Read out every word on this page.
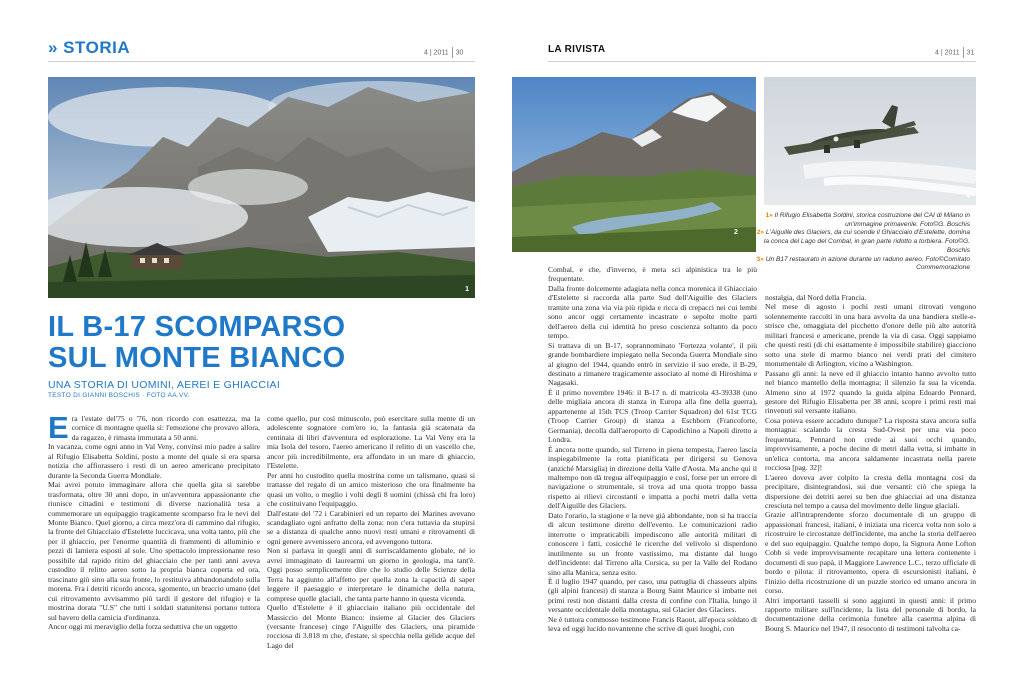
» STORIA	4 | 2011 30
1
IL B-17 SCOMPARSO
SUL MONTE BIANCO
UNA STORIA DI UOMINI, AEREI E GHIACCIAI
TESTO DI GIANNI BOSCHIS · FOTO AA.VV.

Era l'estate del'75 o '76, non ricordo con esattezza, ma la cornice di montagne quella sì: l'emozione che provavo allora, da ragazzo, è rimasta immutata a 50 anni.

In vacanza, come ogni anno in Val Veny, convinsi mio padre a salire al Rifugio Elisabetta Soldini, posto a monte del quale si era sparsa notizia che affiorassero i resti di un aereo americano precipitato durante la Seconda Guerra Mondiale.

Mai avrei potuto immaginare allora che quella gita si sarebbe trasformata, oltre 30 anni dopo, in un'avventura appassionante che riunisce cittadini e testimoni di diverse nazionalità tesa a commemorare un equipaggio tragicamente scomparso fra le nevi del Monte Bianco. Quel giorno, a circa mezz'ora di cammino dal rifugio, la fronte del Ghiacciaio d'Estelette luccicava, una volta tanto, più che per il ghiaccio, per l'enorme quantità di frammenti di alluminio e pezzi di lamiera esposti al sole. Uno spettacolo impressionante reso possibile dal rapido ritiro del ghiacciaio che per tanti anni aveva custodito il relitto aereo sotto la propria bianca coperta ed ora, trascinato giù sino alla sua fronte, lo restituiva abbandonandolo sulla morena. Fra i detriti ricordo ancora, sgomento, un braccio umano (del cui ritrovamento avvisammo più tardi il gestore del rifugio) e la mostrina dorata "U.S" che tutti i soldati statunitensi portano tuttora sul bavero della camicia d'ordinanza.

Ancor oggi mi meraviglio della forza seduttiva che un oggetto

come quello, pur così minuscolo, può esercitare sulla mente di un adolescente sognatore com'ero io, la fantasia già scatenata da centinaia di libri d'avventura ed esplorazione. La Val Veny era la mia Isola del tesoro, l'aereo americano il relitto di un vascello che, ancor più incredibilmente, era affondato in un mare di ghiaccio, l'Estelette.

Per anni ho custodito quella mostrina come un talismano, quasi si trattasse del regalo di un amico misterioso che ora finalmente ha quasi un volto, o meglio i volti degli 8 uomini (chissà chi fra loro) che costituivano l'equipaggio.

Dall'estate del '72 i Carabinieri ed un reparto dei Marines avevano scandagliato ogni anfratto della zona: non c'era tuttavia da stupirsi se a distanza di qualche anno nuovi resti umani e ritrovamenti di ogni genere avvenissero ancora, ed avvengono tuttora.

Non si parlava in quegli anni di surriscaldamento globale, né io avrei immaginato di laurearmi un giorno in geologia, ma tant'è. Oggi posso semplicemente dire che lo studio delle Scienze della Terra ha aggiunto all'affetto per quella zona la capacità di saper leggere il paesaggio e interpretare le dinamiche della natura, comprese quelle glaciali, che tanta parte hanno in questa vicenda.

Quello d'Estelette è il ghiacciaio italiano più occidentale del Massiccio del Monte Bianco: insieme al Glacier des Glaciers (versante francese) cinge l'Aiguille des Glaciers, una piramide rocciosa di 3.818 m che, d'estate, si specchia nella gelide acque del Lago del

LA RIVISTA	4 | 2011 31
2
4
1» Il Rifugio Elisabetta Soldini, storica costruzione del CAI di Milano in un'immagine primaverile. Foto©G. Boschis
2» L'Aiguille des Glaciers, da cui scende il Ghiacciaio d'Estelette, domina la conca del Lago del Combal, in gran parte ridotto a torbiera. Foto©G. Boschis
3» Un B17 restaurato in azione durante un raduno aereo. Foto©Comitato Commemorazione

Combal, e che, d'inverno, è meta sci alpinistica tra le più frequentate.

Dalla fronte dolcemente adagiata nella conca morenica il Ghiacciaio d'Estelette si raccorda alla parte Sud dell'Aiguille des Glaciers tramite una zona via via più ripida e ricca di crepacci nei cui lembi sono ancor oggi certamente incastrate e sepolte molte parti dell'aereo della cui identità ho preso coscienza soltanto da poco tempo.

Si trattava di un B-17, soprannominato 'Fortezza volante', il più grande bombardiere impiegato nella Seconda Guerra Mondiale sino al giugno del 1944, quando entrò in servizio il suo erede, il B-29, destinato a rimanere tragicamente associato al nome di Hiroshima e Nagasaki.

È il primo novembre 1946: il B-17 n. di matricola 43-39338 (uno delle migliaia ancora di stanza in Europa alla fine della guerra), appartenente al 15th TCS (Troop Carrier Squadron) del 61st TCG (Troop Carrier Group) di stanza a Eschborn (Francoforte, Germania), decolla dall'aeroporto di Capodichino a Napoli diretto a Londra.

È ancora notte quando, sul Tirreno in piena tempesta, l'aereo lascia inspiegabilmente la rotta pianificata per dirigersi su Genova (anziché Marsiglia) in direzione della Valle d'Aosta. Ma anche qui il maltempo non dà tregua all'equipaggio e così, forse per un errore di navigazione o strumentale, si trova ad una quota troppo bassa rispetto ai rilievi circostanti e impatta a pochi metri dalla vetta dell'Aiguille des Glaciers.

Dato l'orario, la stagione e la neve già abbondante, non si ha traccia di alcun testimone diretto dell'evento. Le comunicazioni radio interrotte o impraticabili impediscono alle autorità militari di conoscere i fatti, cosicché le ricerche del velivolo si disperdono inutilmente su un fronte vastissimo, ma distante dal luogo dell'incidente: dal Tirreno alla Corsica, su per la Valle del Rodano sino alla Manica, senza esito.

È il luglio 1947 quando, per caso, una pattuglia di chasseurs alpins (gli alpini francesi) di stanza a Bourg Saint Maurice si imbatte nei primi resti non distanti dalla cresta di confine con l'Italia, lungo il versante occidentale della montagna, sul Glacier des Glaciers.

Ne è tuttora commosso testimone Francis Raout, all'epoca soldato di leva ed oggi lucido novantenne che scrive di quei luoghi, con

nostalgia, dal Nord della Francia.

Nel mese di agosto i pochi resti umani ritrovati vengono solennemente raccolti in una bara avvolta da una bandiera stelle-e-strisce che, omaggiata del picchetto d'onore delle più alte autorità militari francesi e americane, prende la via di casa. Oggi sappiamo che questi resti (di chi esattamente è impossibile stabilire) giacciono sotto una stele di marmo bianco nei verdi prati del cimitero monumentale di Arlington, vicino a Washington.

Passano gli anni: la neve ed il ghiaccio intanto hanno avvolto tutto nel bianco mantello della montagna; il silenzio fa sua la vicenda. Almeno sino al 1972 quando la guida alpina Edoardo Pennard, gestore del Rifugio Elisabetta per 38 anni, scopre i primi resti mai rinvenuti sul versante italiano.

Cosa poteva essere accaduto dunque? La risposta stava ancora sulla montagna: scalando la cresta Sud-Ovest per una via poco frequentata, Pennard non crede ai suoi occhi quando, improvvisamente, a poche decine di metri dalla vetta, si imbatte in un'elica contorta, ma ancora saldamente incastrata nella parete rocciosa [pag. 32]!

L'aereo doveva aver colpito la cresta della montagna così da precipitare, disintegrandosi, sui due versanti: ciò che spiega la dispersione dei detriti aerei su ben due ghiacciai ad una distanza cresciuta nel tempo a causa del movimento delle lingue glaciali.

Grazie all'intraprendente sforzo documentale di un gruppo di appassionati francesi, italiani, è iniziata una ricerca volta non solo a ricostruire le circostanze dell'incidente, ma anche la storia dell'aereo e del suo equipaggio. Qualche tempo dopo, la Signora Anne Lofton Cobb si vede improvvisamente recapitare una lettera contenente i documenti di suo papà, il Maggiore Lawrence L.C., terzo ufficiale di bordo e pilota: il ritrovamento, opera di escursionisti italiani, è l'inizio della ricostruzione di un puzzle storico ed umano ancora in corso.

Altri importanti tasselli si sono aggiunti in questi anni: il primo rapporto militare sull'incidente, la lista del personale di bordo, la documentazione della cerimonia funebre alla caserma alpina di Bourg S. Maurice nel 1947, il resoconto di testimoni talvolta ca-
